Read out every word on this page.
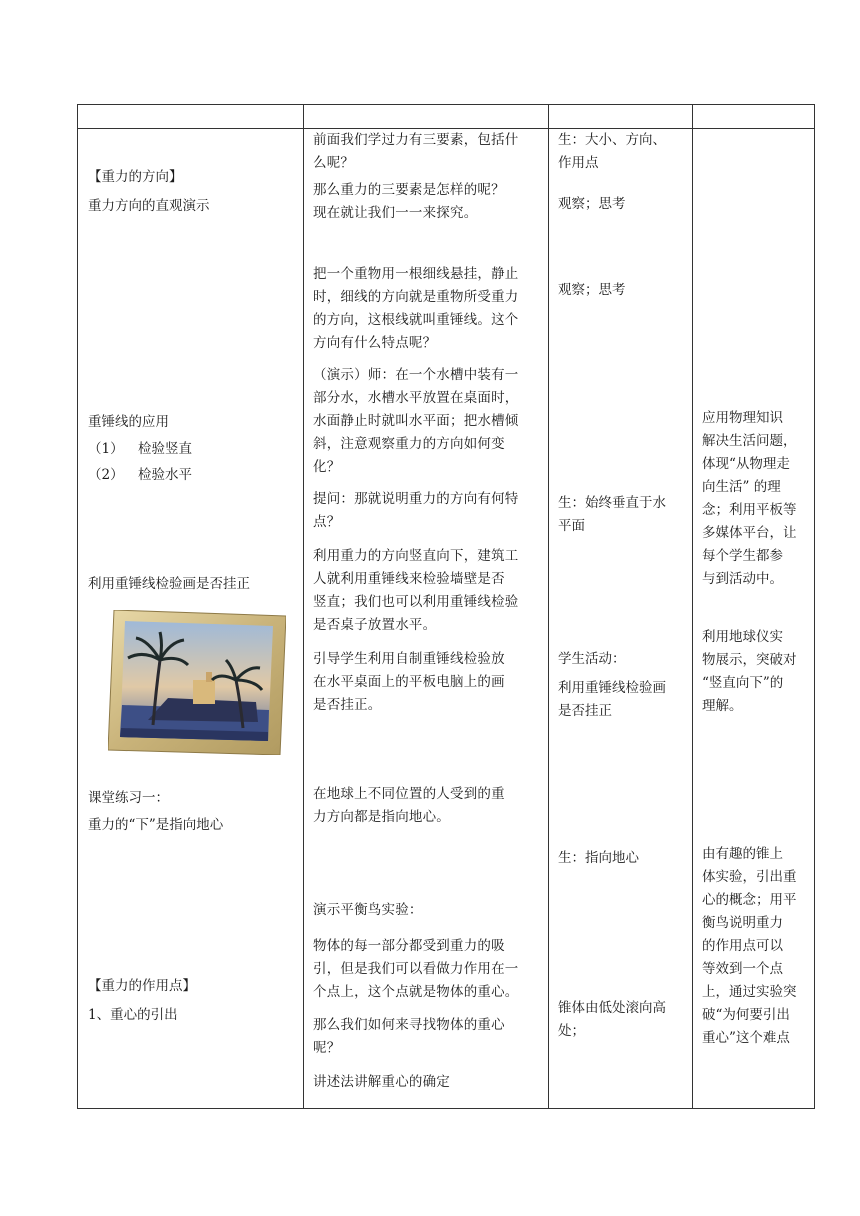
【重力的方向】
重力方向的直观演示
重锤线的应用
（1）	检验竖直
（2）	检验水平
利用重锤线检验画是否挂正
课堂练习一：
重力的“下”是指向地心
【重力的作用点】
1、重心的引出
前面我们学过力有三要素，包括什
么呢？
那么重力的三要素是怎样的呢？
现在就让我们一一来探究。
把一个重物用一根细线悬挂，静止
时，细线的方向就是重物所受重力
的方向，这根线就叫重锤线。这个
方向有什么特点呢？
（演示）师：在一个水槽中装有一
部分水，水槽水平放置在桌面时，
水面静止时就叫水平面；把水槽倾
斜，注意观察重力的方向如何变
化？
提问：那就说明重力的方向有何特
点？
利用重力的方向竖直向下，建筑工
人就利用重锤线来检验墙壁是否
竖直；我们也可以利用重锤线检验
是否桌子放置水平。
引导学生利用自制重锤线检验放
在水平桌面上的平板电脑上的画
是否挂正。
在地球上不同位置的人受到的重
力方向都是指向地心。
演示平衡鸟实验：
物体的每一部分都受到重力的吸
引，但是我们可以看做力作用在一
个点上，这个点就是物体的重心。
那么我们如何来寻找物体的重心
呢？
讲述法讲解重心的确定
生：大小、方向、
作用点
观察；思考
观察；思考
生：始终垂直于水
平面
学生活动：
利用重锤线检验画
是否挂正
生：指向地心
锥体由低处滚向高
处；
应用物理知识
解决生活问题，
体现“从物理走
向生活” 的理
念；利用平板等
多媒体平台，让
每个学生都参
与到活动中。
利用地球仪实
物展示，突破对
“竖直向下”的
理解。
由有趣的锥上
体实验，引出重
心的概念；用平
衡鸟说明重力
的作用点可以
等效到一个点
上，通过实验突
破“为何要引出
重心”这个难点
